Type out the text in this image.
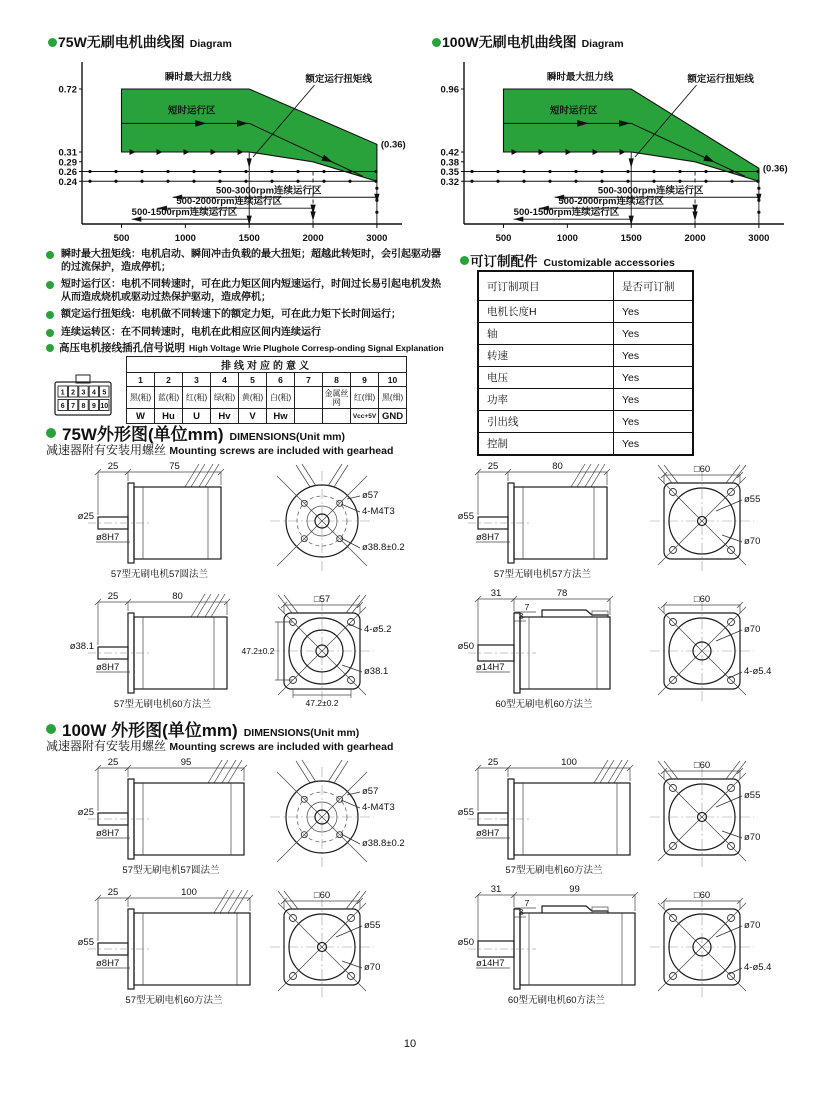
75W无刷电机曲线图 Diagram	100W无刷电机曲线图 Diagram
0.72
0.31
0.29
0.26
0.24
500	1000	1500	2000	3000
(0.36)
瞬时最大扭力线
短时运行区
额定运行扭矩线
500-3000rpm连续运行区
500-2000rpm连续运行区
500-1500rpm连续运行区
0.96
0.42
0.38
0.35
0.32
500	1000	1500	2000	3000
(0.36)
瞬时最大扭力线
短时运行区
额定运行扭矩线
500-3000rpm连续运行区
500-2000rpm连续运行区
500-1500rpm连续运行区
瞬时最大扭矩线：电机启动、瞬间冲击负载的最大扭矩；超越此转矩时，会引起驱动器的过流保护，造成停机；
短时运行区：电机不同转速时，可在此力矩区间内短速运行，时间过长易引起电机发热从而造成烧机或驱动过热保护驱动，造成停机；
额定运行扭矩线：电机做不同转速下的额定力矩，可在此力矩下长时间运行；
连续运转区：在不同转速时，电机在此相应区间内连续运行
高压电机接线插孔信号说明 High Voltage Wrie Plughole Corresp-onding Signal Explanation
1 2 3 4 5
6 7 8 9 10
排线对应的意义									
1	2	3	4	5	6	7	8	9	10
黑(粗)	蓝(粗)	红(粗)	绿(粗)	黄(粗)	白(粗)		金属丝网	红(细)	黑(细)
W	Hu	U	Hv	V	Hw			Vcc+5V	GND
可订制配件 Customizable accessories
可订制项目	是否可订制
电机长度H	Yes
轴	Yes
转速	Yes
电压	Yes
功率	Yes
引出线	Yes
控制	Yes
75W外形图(单位mm) DIMENSIONS(Unit mm)
减速器附有安装用螺丝 Mounting screws are included with gearhead
25	75
ø25
ø8H7
57型无刷电机57圆法兰
ø57
4-M4T3
ø38.8±0.2
25	80
ø55
ø8H7
57型无刷电机57方法兰
□60
ø55
ø70
25	80
ø38.1
ø8H7
57型无刷电机60方法兰
□57
4-ø5.2
ø38.1
47.2±0.2
47.2±0.2
31	78
7
3
ø50
ø14H7
60型无刷电机60方法兰
□60
ø70
4-ø5.4
100W 外形图(单位mm) DIMENSIONS(Unit mm)
减速器附有安装用螺丝 Mounting screws are included with gearhead
25	95
ø25
ø8H7
57型无刷电机57圆法兰
ø57
4-M4T3
ø38.8±0.2
25	100
ø55
ø8H7
57型无刷电机60方法兰
□60
ø55
ø70
25	100
ø55
ø8H7
57型无刷电机60方法兰
□60
ø55
ø70
31	99
7
3
ø50
ø14H7
60型无刷电机60方法兰
□60
ø70
4-ø5.4
10
